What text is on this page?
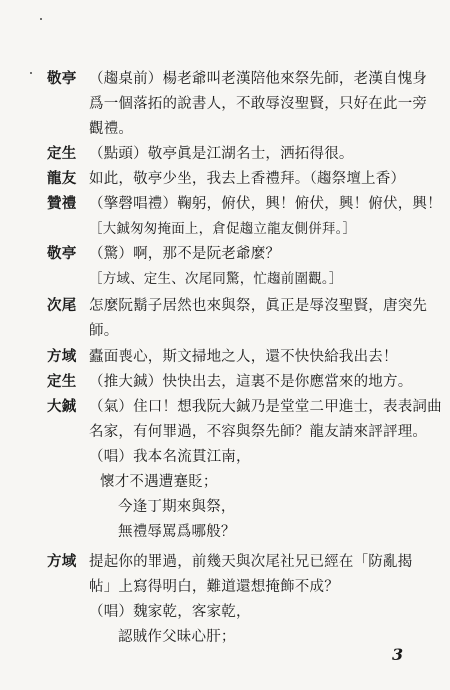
敬亭 （趨桌前）楊老爺叫老漢陪他來祭先師，老漢自愧身
爲一個落拓的說書人，不敢辱沒聖賢，只好在此一旁
觀禮。
定生 （點頭）敬亭眞是江湖名士，洒拓得很。
龍友 如此，敬亭少坐，我去上香禮拜。（趨祭壇上香）
贊禮 （擎磬唱禮）鞠躬，俯伏，興！俯伏，興！俯伏，興！
［大鋮匆匆掩面上，倉促趨立龍友側併拜。］
敬亭 （驚）啊，那不是阮老爺麼？
［方域、定生、次尾同驚，忙趨前圍觀。］
次尾 怎麼阮鬍子居然也來與祭，眞正是辱沒聖賢，唐突先
師。
方域 蠹面喪心，斯文掃地之人，還不快快給我出去！
定生 （推大鋮）快快出去，這裏不是你應當來的地方。
大鋮 （氣）住口！想我阮大鋮乃是堂堂二甲進士，表表詞曲
名家，有何罪過，不容與祭先師？龍友請來評評理。
（唱）我本名流貫江南，
懷才不遇遭蹇貶；
今逢丁期來與祭，
無禮辱罵爲哪般？
方域 提起你的罪過，前幾天與次尾社兄已經在「防亂揭
帖」上寫得明白，難道還想掩飾不成？
（唱）魏家乾，客家乾，
認賊作父昧心肝；
3
